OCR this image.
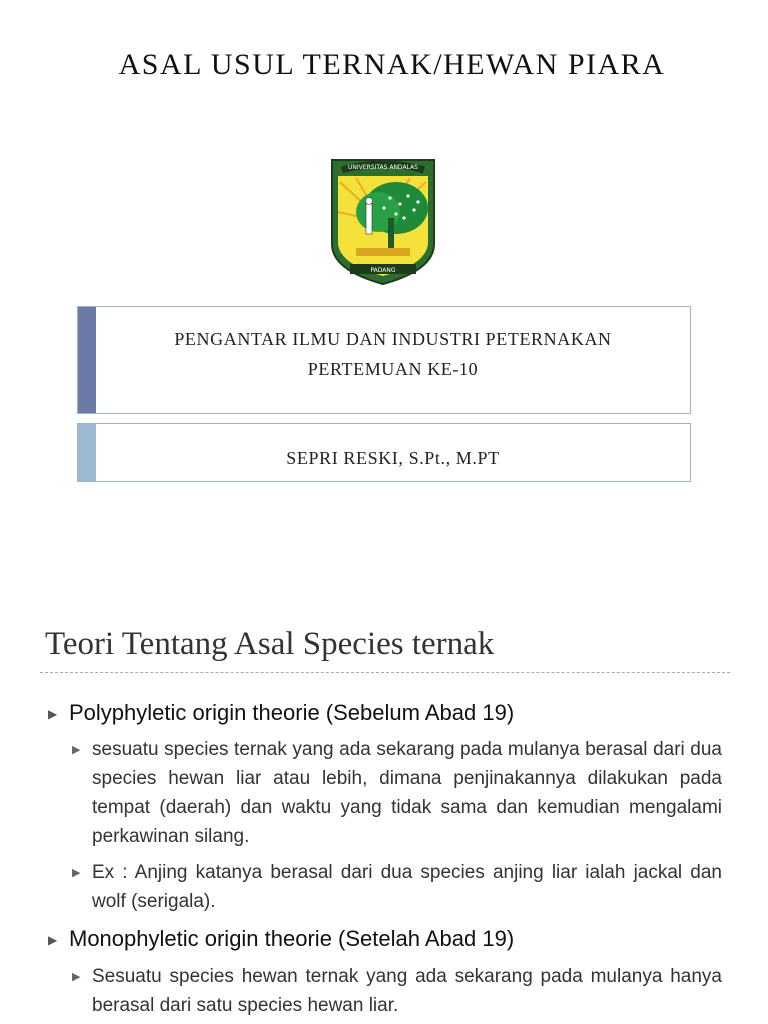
ASAL USUL TERNAK/HEWAN PIARA
UNIVERSITAS ANDALAS
PADANG
PENGANTAR ILMU DAN INDUSTRI PETERNAKAN
PERTEMUAN KE-10
SEPRI RESKI, S.Pt., M.PT
Teori Tentang Asal Species ternak
▶ Polyphyletic origin theorie (Sebelum Abad 19)
▶ sesuatu species ternak yang ada sekarang pada mulanya berasal dari dua species hewan liar atau lebih, dimana penjinakannya dilakukan pada tempat (daerah) dan waktu yang tidak sama dan kemudian mengalami perkawinan silang.
▶ Ex : Anjing katanya berasal dari dua species anjing liar ialah jackal dan wolf (serigala).
▶ Monophyletic origin theorie (Setelah Abad 19)
▶ Sesuatu species hewan ternak yang ada sekarang pada mulanya hanya berasal dari satu species hewan liar.
